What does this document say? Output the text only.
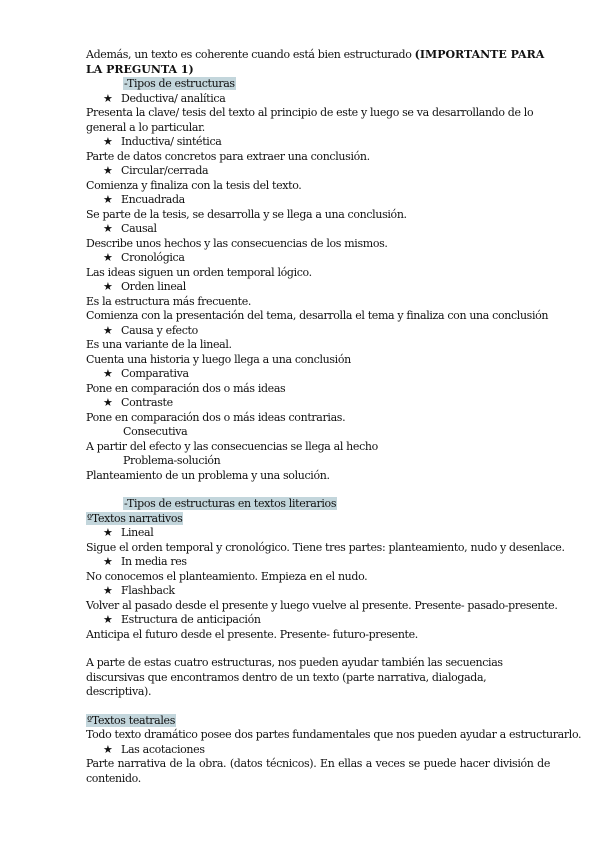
Además, un texto es coherente cuando está bien estructurado (IMPORTANTE PARA LA PREGUNTA 1)
-Tipos de estructuras
★ Deductiva/ analítica
Presenta la clave/ tesis del texto al principio de este y luego se va desarrollando de lo general a lo particular.
★ Inductiva/ sintética
Parte de datos concretos para extraer una conclusión.
★ Circular/cerrada
Comienza y finaliza con la tesis del texto.
★ Encuadrada
Se parte de la tesis, se desarrolla y se llega a una conclusión.
★ Causal
Describe unos hechos y las consecuencias de los mismos.
★ Cronológica
Las ideas siguen un orden temporal lógico.
★ Orden lineal
Es la estructura más frecuente.
Comienza con la presentación del tema, desarrolla el tema y finaliza con una conclusión
★ Causa y efecto
Es una variante de la lineal.
Cuenta una historia y luego llega a una conclusión
★ Comparativa
Pone en comparación dos o más ideas
★ Contraste
Pone en comparación dos o más ideas contrarias.
Consecutiva
A partir del efecto y las consecuencias se llega al hecho
Problema-solución
Planteamiento de un problema y una solución.
-Tipos de estructuras en textos literarios
ºTextos narrativos
★ Lineal
Sigue el orden temporal y cronológico. Tiene tres partes: planteamiento, nudo y desenlace.
★ In media res
No conocemos el planteamiento. Empieza en el nudo.
★ Flashback
Volver al pasado desde el presente y luego vuelve al presente. Presente- pasado-presente.
★ Estructura de anticipación
Anticipa el futuro desde el presente. Presente- futuro-presente.
A parte de estas cuatro estructuras, nos pueden ayudar también las secuencias discursivas que encontramos dentro de un texto (parte narrativa, dialogada, descriptiva).
ºTextos teatrales
Todo texto dramático posee dos partes fundamentales que nos pueden ayudar a estructurarlo.
★ Las acotaciones
Parte narrativa de la obra. (datos técnicos). En ellas a veces se puede hacer división de contenido.
